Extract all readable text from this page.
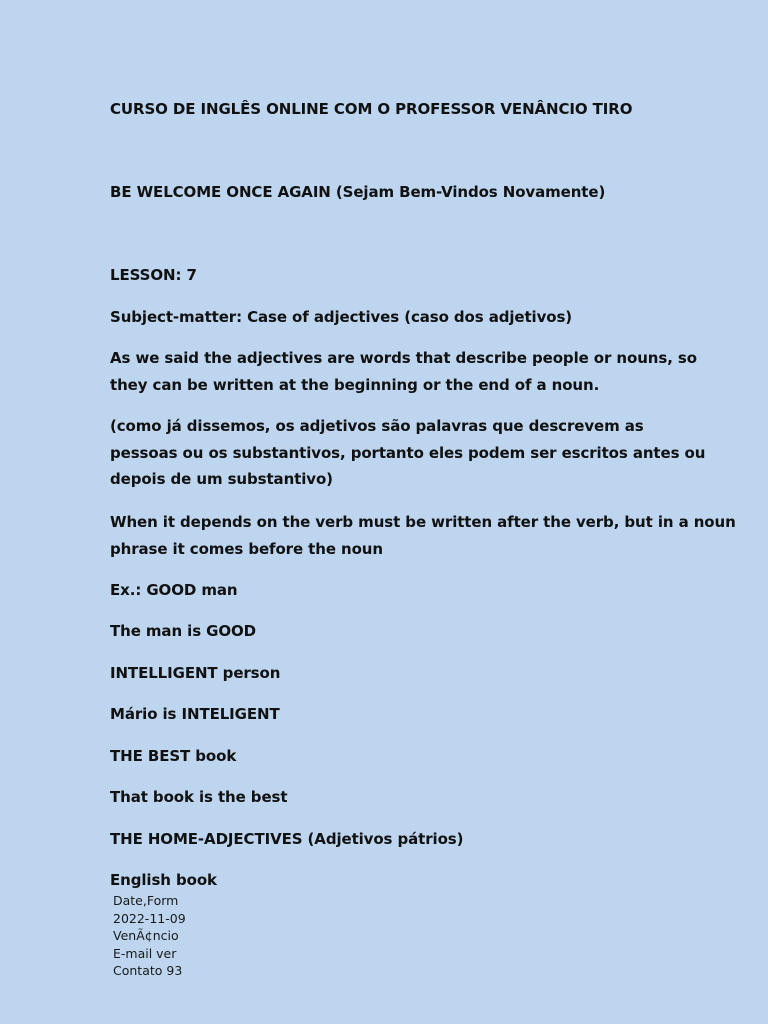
CURSO DE INGLÊS ONLINE COM O PROFESSOR VENÂNCIO TIRO
BE WELCOME ONCE AGAIN (Sejam Bem-Vindos Novamente)
LESSON: 7
Subject-matter: Case of adjectives (caso dos adjetivos)
As we said the adjectives are words that describe people or nouns, so
they can be written at the beginning or the end of a noun.
(como já dissemos, os adjetivos são palavras que descrevem as
pessoas ou os substantivos, portanto eles podem ser escritos antes ou
depois de um substantivo)
When it depends on the verb must be written after the verb, but in a noun
phrase it comes before the noun
Ex.: GOOD man
The man is GOOD
INTELLIGENT person
Mário is INTELIGENT
THE BEST book
That book is the best
THE HOME-ADJECTIVES (Adjetivos pátrios)
English book
Date,Form
2022-11-09
VenÃ¢ncio
E-mail ver
Contato 93
